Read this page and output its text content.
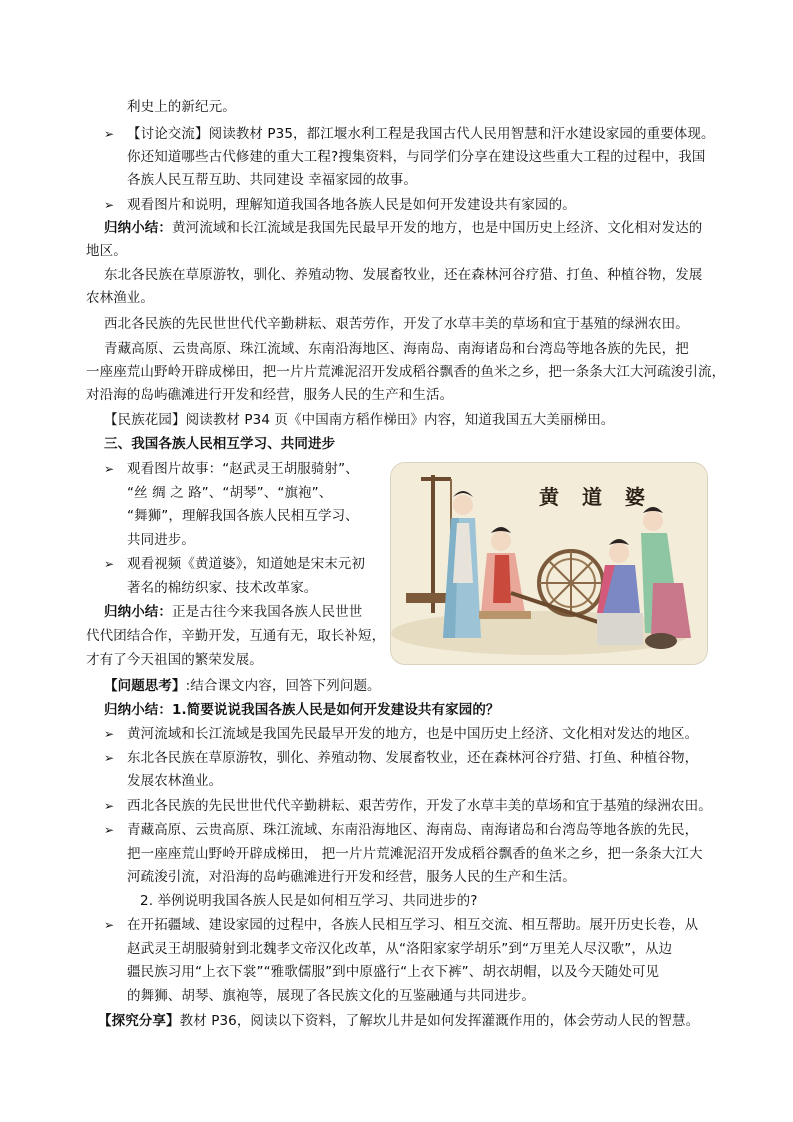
利史上的新纪元。
➢ 【讨论交流】阅读教材 P35，都江堰水利工程是我国古代人民用智慧和汗水建设家园的重要体现。
你还知道哪些古代修建的重大工程?搜集资料，与同学们分享在建设这些重大工程的过程中，我国
各族人民互帮互助、共同建设 幸福家园的故事。
➢ 观看图片和说明，理解知道我国各地各族人民是如何开发建设共有家园的。
归纳小结：黄河流域和长江流域是我国先民最早开发的地方，也是中国历史上经济、文化相对发达的
地区。
东北各民族在草原游牧，驯化、养殖动物、发展畜牧业，还在森林河谷疗猎、打鱼、种植谷物，发展
农林渔业。
西北各民族的先民世世代代辛勤耕耘、艰苦劳作，开发了水草丰美的草场和宜于基殖的绿洲农田。
青藏高原、云贵高原、珠江流域、东南沿海地区、海南岛、南海诸岛和台湾岛等地各族的先民，把
一座座荒山野岭开辟成梯田，把一片片荒滩泥沼开发成稻谷飘香的鱼米之乡，把一条条大江大河疏浚引流，
对沿海的岛屿礁滩进行开发和经营，服务人民的生产和生活。
【民族花园】阅读教材 P34 页《中国南方稻作梯田》内容，知道我国五大美丽梯田。
三、我国各族人民相互学习、共同进步
➢ 观看图片故事：“赵武灵王胡服骑射”、
“丝 绸 之 路”、“胡琴”、“旗袍”、
“舞狮”，理解我国各族人民相互学习、
共同进步。
➢ 观看视频《黄道婆》，知道她是宋末元初
著名的棉纺织家、技术改革家。
归纳小结：正是古往今来我国各族人民世世
代代团结合作，辛勤开发，互通有无，取长补短，
才有了今天祖国的繁荣发展。
黄 道 婆
【问题思考】:结合课文内容，回答下列问题。
归纳小结：1.简要说说我国各族人民是如何开发建设共有家园的？
➢ 黄河流域和长江流域是我国先民最早开发的地方，也是中国历史上经济、文化相对发达的地区。
➢ 东北各民族在草原游牧，驯化、养殖动物、发展畜牧业，还在森林河谷疗猎、打鱼、种植谷物，
发展农林渔业。
➢ 西北各民族的先民世世代代辛勤耕耘、艰苦劳作，开发了水草丰美的草场和宜于基殖的绿洲农田。
➢ 青藏高原、云贵高原、珠江流域、东南沿海地区、海南岛、南海诸岛和台湾岛等地各族的先民，
把一座座荒山野岭开辟成梯田， 把一片片荒滩泥沼开发成稻谷飘香的鱼米之乡，把一条条大江大
河疏浚引流，对沿海的岛屿礁滩进行开发和经营，服务人民的生产和生活。
2. 举例说明我国各族人民是如何相互学习、共同进步的?
➢ 在开拓疆域、建设家园的过程中，各族人民相互学习、相互交流、相互帮助。展开历史长卷，从
赵武灵王胡服骑射到北魏孝文帝汉化改革，从“洛阳家家学胡乐”到“万里羌人尽汉歌”，从边
疆民族习用“上衣下裳”“雅歌儒服”到中原盛行“上衣下裤”、胡衣胡帽，以及今天随处可见
的舞狮、胡琴、旗袍等，展现了各民族文化的互鉴融通与共同进步。
【探究分享】教材 P36，阅读以下资料，了解坎儿井是如何发挥灌溉作用的，体会劳动人民的智慧。
